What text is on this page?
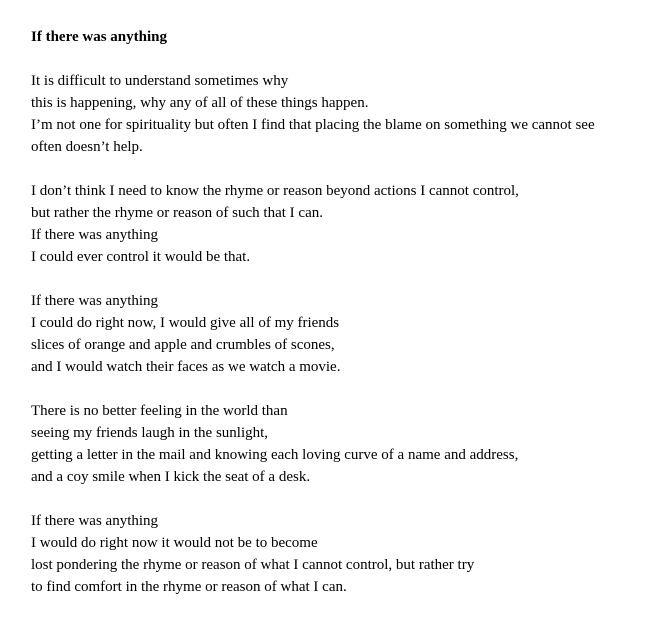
If there was anything
It is difficult to understand sometimes why
this is happening, why any of all of these things happen.
I’m not one for spirituality but often I find that placing the blame on something we cannot see
often doesn’t help.
I don’t think I need to know the rhyme or reason beyond actions I cannot control,
but rather the rhyme or reason of such that I can.
If there was anything
I could ever control it would be that.
If there was anything
I could do right now, I would give all of my friends
slices of orange and apple and crumbles of scones,
and I would watch their faces as we watch a movie.
There is no better feeling in the world than
seeing my friends laugh in the sunlight,
getting a letter in the mail and knowing each loving curve of a name and address,
and a coy smile when I kick the seat of a desk.
If there was anything
I would do right now it would not be to become
lost pondering the rhyme or reason of what I cannot control, but rather try
to find comfort in the rhyme or reason of what I can.
